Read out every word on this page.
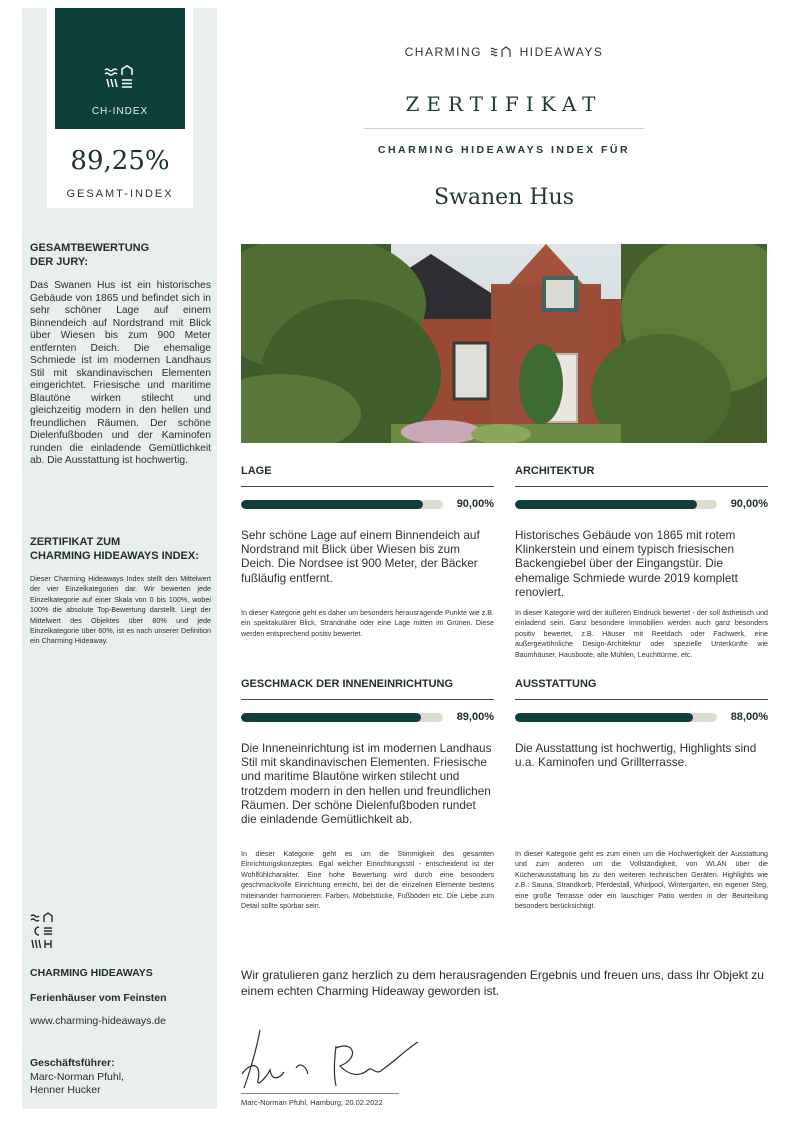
CH-INDEX
89,25%
GESAMT-INDEX
GESAMTBEWERTUNG
DER JURY:
Das Swanen Hus ist ein historisches Gebäude von 1865 und befindet sich in sehr schöner Lage auf einem Binnendeich auf Nordstrand mit Blick über Wiesen bis zum 900 Meter entfernten Deich. Die ehemalige Schmiede ist im modernen Landhaus Stil mit skandinavischen Elementen eingerichtet. Friesische und maritime Blautöne wirken stilecht und gleichzeitig modern in den hellen und freundlichen Räumen. Der schöne Dielenfußboden und der Kaminofen runden die einladende Gemütlichkeit ab. Die Ausstattung ist hochwertig.
ZERTIFIKAT ZUM
CHARMING HIDEAWAYS INDEX:
Dieser Charming Hideaways Index stellt den Mittelwert der vier Einzelkategorien dar. Wir bewerten jede Einzelkategorie auf einer Skala von 0 bis 100%, wobei 100% die absolute Top-Bewertung darstellt. Liegt der Mittelwert des Objektes über 80% und jede Einzelkategorie über 60%, ist es nach unserer Definition ein Charming Hideaway.
CHARMING HIDEAWAYS
Ferienhäuser vom Feinsten
www.charming-hideaways.de
Geschäftsführer:
Marc-Norman Pfuhl,
Henner Hucker
CHARMING	HIDEAWAYS
ZERTIFIKAT
CHARMING HIDEAWAYS INDEX FÜR
Swanen Hus
LAGE
90,00%
Sehr schöne Lage auf einem Binnendeich auf Nordstrand mit Blick über Wiesen bis zum Deich. Die Nordsee ist 900 Meter, der Bäcker fußläufig entfernt.
In dieser Kategorie geht es daher um besonders herausragende Punkte wie z.B. ein spektakulärer Blick, Strandnähe oder eine Lage mitten im Grünen. Diese werden entsprechend positiv bewertet.
ARCHITEKTUR
90,00%
Historisches Gebäude von 1865 mit rotem Klinkerstein und einem typisch friesischen Backengiebel über der Eingangstür. Die ehemalige Schmiede wurde 2019 komplett renoviert.
In dieser Kategorie wird der äußeren Eindruck bewertet - der soll ästhetisch und einladend sein. Ganz besondere Immobilien werden auch ganz besonders positiv bewertet, z.B. Häuser mit Reetdach oder Fachwerk, eine außergewöhnliche Design-Architektur oder spezielle Unterkünfte wie Baumhäuser, Hausboote, alte Mühlen, Leuchttürme, etc.
GESCHMACK DER INNENEINRICHTUNG
89,00%
Die Inneneinrichtung ist im modernen Landhaus Stil mit skandinavischen Elementen. Friesische und maritime Blautöne wirken stilecht und trotzdem modern in den hellen und freundlichen Räumen. Der schöne Dielenfußboden rundet die einladende Gemütlichkeit ab.
In dieser Kategorie geht es um die Stimmigkeit des gesamten Einrichtungskonzeptes. Egal welcher Einrichtungsstil - entscheidend ist der Wohlfühlcharakter. Eine hohe Bewertung wird durch eine besonders geschmackvolle Einrichtung erreicht, bei der die einzelnen Elemente bestens miteinander harmonieren: Farben, Möbelstücke, Fußböden etc. Die Liebe zum Detail sollte spürbar sein.
AUSSTATTUNG
88,00%
Die Ausstattung ist hochwertig, Highlights sind u.a. Kaminofen und Grillterrasse.
In dieser Kategorie geht es zum einen um die Hochwertigkeit der Ausstattung und zum anderen um die Vollständigkeit, von WLAN über die Küchenausstattung bis zu den weiteren technischen Geräten. Highlights wie z.B.: Sauna, Strandkorb, Pferdestall, Whirlpool, Wintergarten, ein eigener Steg, eine große Terrasse oder ein lauschiger Patio werden in der Beurteilung besonders berücksichtigt.
Wir gratulieren ganz herzlich zu dem herausragenden Ergebnis und freuen uns, dass Ihr Objekt zu einem echten Charming Hideaway geworden ist.
Marc-Norman Pfuhl, Hamburg, 20.02.2022
